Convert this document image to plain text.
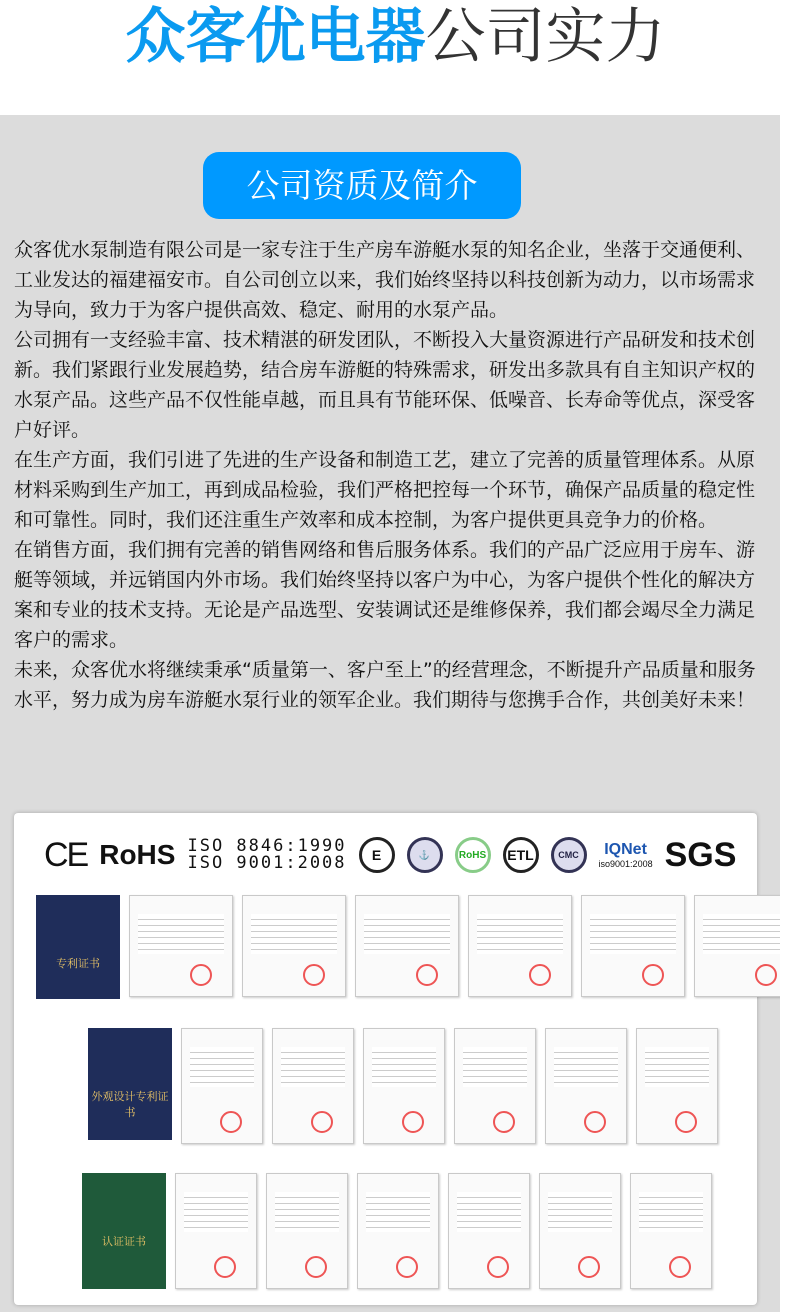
众客优电器公司实力
公司资质及简介

众客优水泵制造有限公司是一家专注于生产房车游艇水泵的知名企业，坐落于交通便利、工业发达的福建福安市。自公司创立以来，我们始终坚持以科技创新为动力，以市场需求为导向，致力于为客户提供高效、稳定、耐用的水泵产品。

公司拥有一支经验丰富、技术精湛的研发团队，不断投入大量资源进行产品研发和技术创新。我们紧跟行业发展趋势，结合房车游艇的特殊需求，研发出多款具有自主知识产权的水泵产品。这些产品不仅性能卓越，而且具有节能环保、低噪音、长寿命等优点，深受客户好评。

在生产方面，我们引进了先进的生产设备和制造工艺，建立了完善的质量管理体系。从原材料采购到生产加工，再到成品检验，我们严格把控每一个环节，确保产品质量的稳定性和可靠性。同时，我们还注重生产效率和成本控制，为客户提供更具竞争力的价格。

在销售方面，我们拥有完善的销售网络和售后服务体系。我们的产品广泛应用于房车、游艇等领域，并远销国内外市场。我们始终坚持以客户为中心，为客户提供个性化的解决方案和专业的技术支持。无论是产品选型、安装调试还是维修保养，我们都会竭尽全力满足客户的需求。

未来，众客优水将继续秉承“质量第一、客户至上”的经营理念，不断提升产品质量和服务水平，努力成为房车游艇水泵行业的领军企业。我们期待与您携手合作，共创美好未来！

CE RoHS ISO 8846:1990
ISO 9001:2008	E	⚓	RoHS	ETL	CMC	IQNet
iso9001:2008 SGS
专利证书
外观设计专利证书
认证证书
